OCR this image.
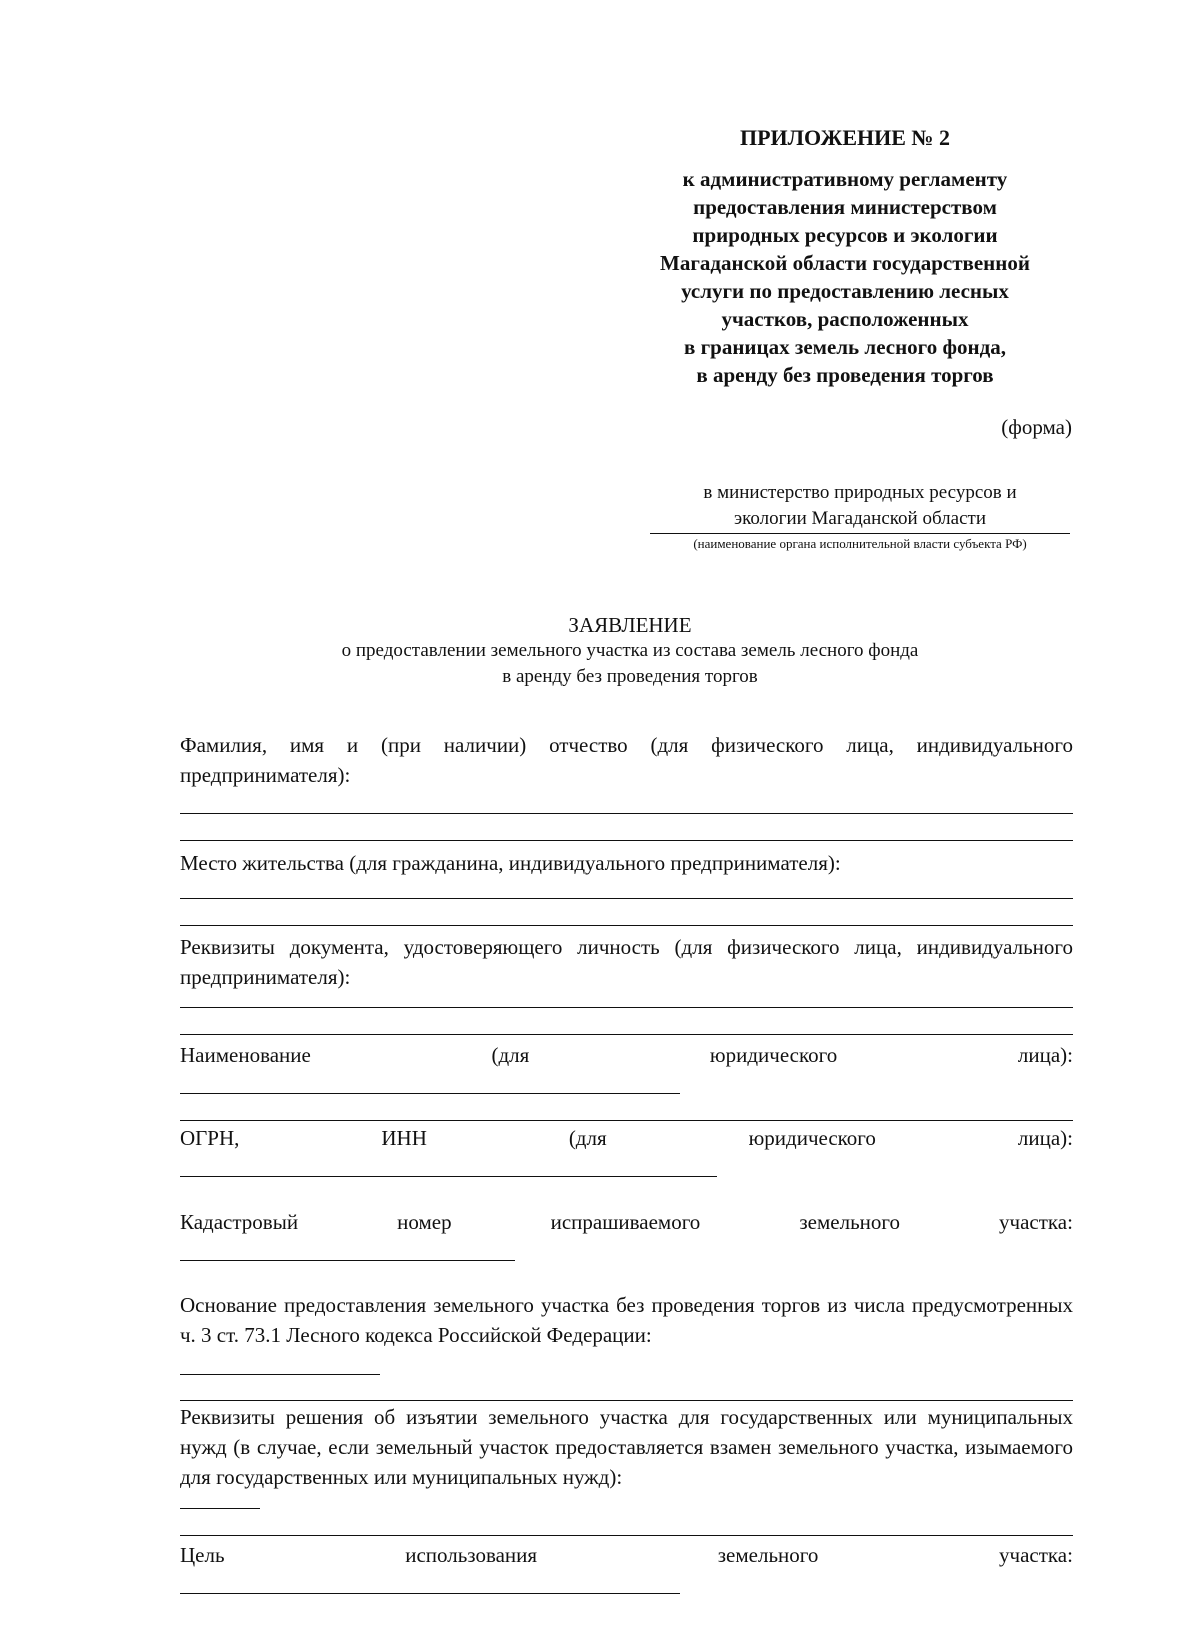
ПРИЛОЖЕНИЕ № 2
к административному регламенту
предоставления министерством
природных ресурсов и экологии
Магаданской области государственной
услуги по предоставлению лесных
участков, расположенных
в границах земель лесного фонда,
в аренду без проведения торгов
(форма)
в министерство природных ресурсов и
экологии Магаданской области
(наименование органа исполнительной власти субъекта РФ)
ЗАЯВЛЕНИЕ
о предоставлении земельного участка из состава земель лесного фонда
в аренду без проведения торгов
Фамилия, имя и (при наличии) отчество (для физического лица, индивидуального предпринимателя):
Место жительства (для гражданина, индивидуального предпринимателя):
Реквизиты документа, удостоверяющего личность (для физического лица, индивидуального предпринимателя):
Наименование	(для	юридического	лица):
ОГРН,	ИНН	(для	юридического	лица):
Кадастровый	номер	испрашиваемого	земельного	участка:
Основание предоставления земельного участка без проведения торгов из числа предусмотренных ч. 3 ст. 73.1 Лесного кодекса Российской Федерации:
Реквизиты решения об изъятии земельного участка для государственных или муниципальных нужд (в случае, если земельный участок предоставляется взамен земельного участка, изымаемого для государственных или муниципальных нужд):
Цель	использования	земельного	участка:
